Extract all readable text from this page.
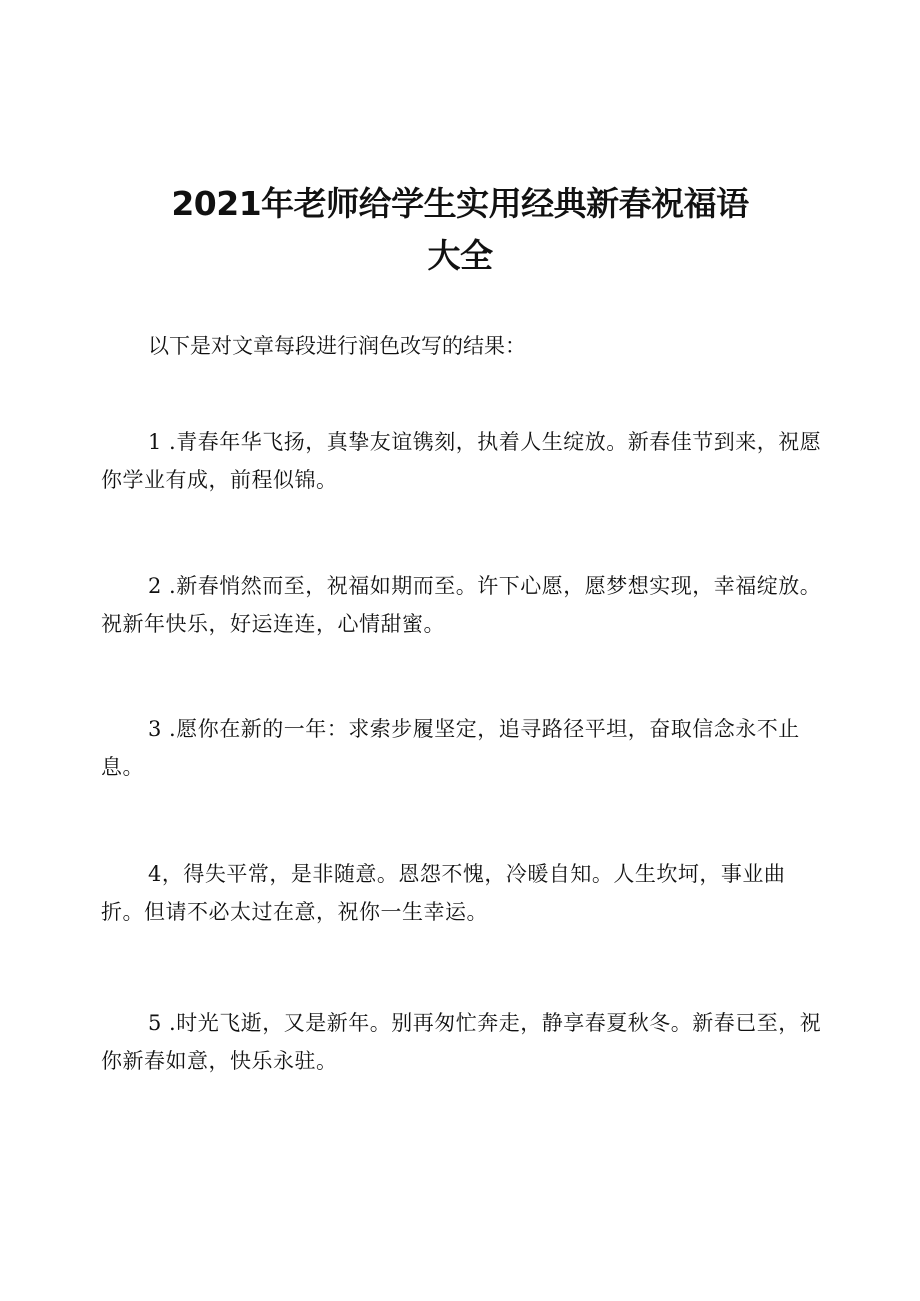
2021年老师给学生实用经典新春祝福语
大全

以下是对文章每段进行润色改写的结果：

1 .青春年华飞扬，真挚友谊镌刻，执着人生绽放。新春佳节到来，祝愿你学业有成，前程似锦。

2 .新春悄然而至，祝福如期而至。许下心愿，愿梦想实现，幸福绽放。祝新年快乐，好运连连，心情甜蜜。

3 .愿你在新的一年：求索步履坚定，追寻路径平坦，奋取信念永不止息。

4，得失平常，是非随意。恩怨不愧，冷暖自知。人生坎坷，事业曲折。但请不必太过在意，祝你一生幸运。

5 .时光飞逝，又是新年。别再匆忙奔走，静享春夏秋冬。新春已至，祝你新春如意，快乐永驻。
